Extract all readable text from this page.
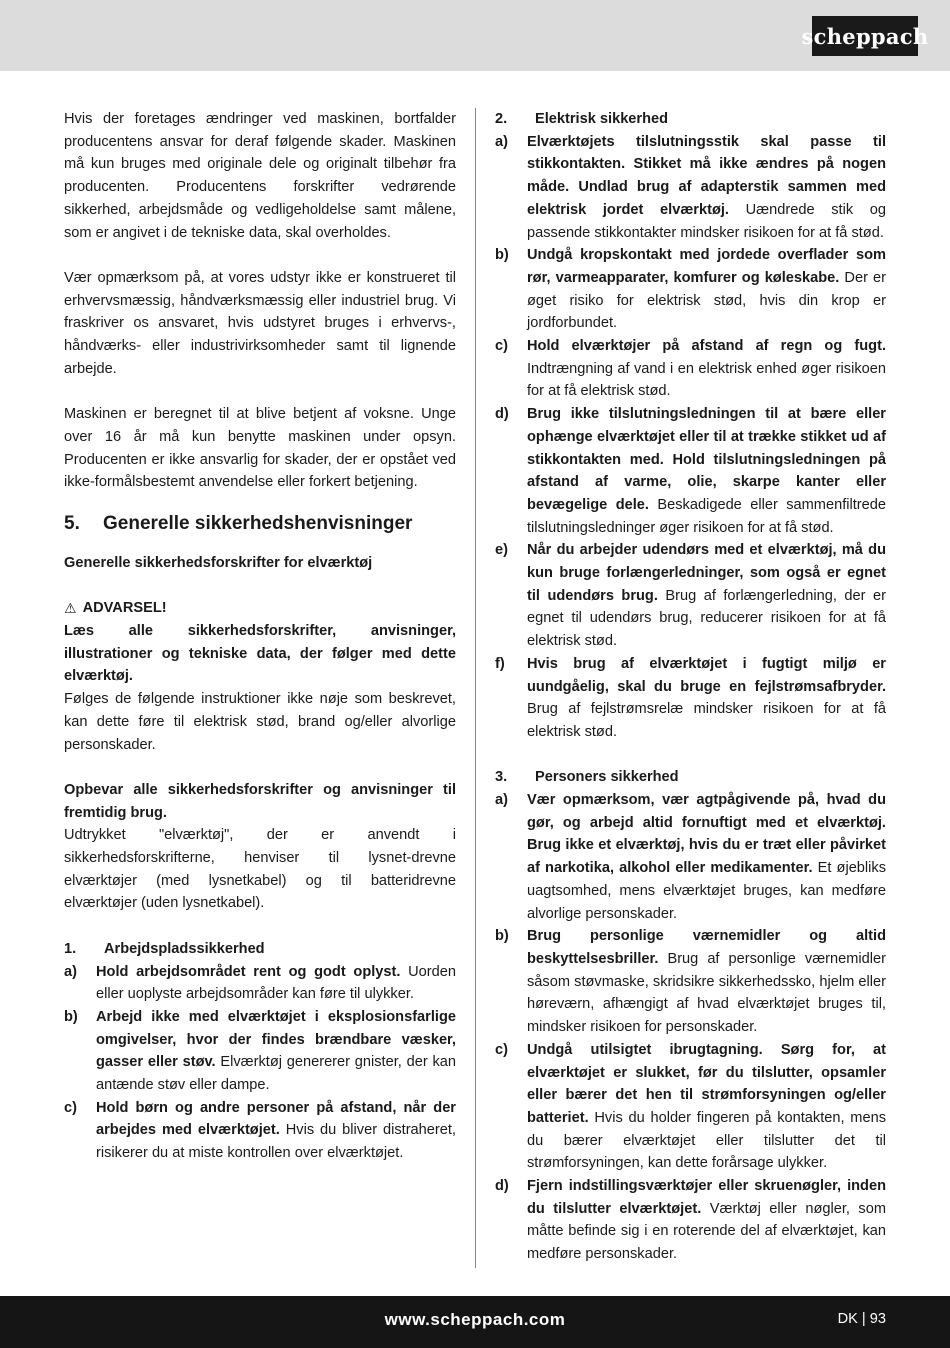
scheppach

Hvis der foretages ændringer ved maskinen, bortfalder producentens ansvar for deraf følgende skader. Maskinen må kun bruges med originale dele og originalt tilbehør fra producenten. Producentens forskrifter vedrørende sikkerhed, arbejdsmåde og vedligeholdelse samt målene, som er angivet i de tekniske data, skal overholdes.

Vær opmærksom på, at vores udstyr ikke er konstrueret til erhvervsmæssig, håndværksmæssig eller industriel brug. Vi fraskriver os ansvaret, hvis udstyret bruges i erhvervs-, håndværks- eller industrivirksomheder samt til lignende arbejde.

Maskinen er beregnet til at blive betjent af voksne. Unge over 16 år må kun benytte maskinen under opsyn. Producenten er ikke ansvarlig for skader, der er opstået ved ikke-formålsbestemt anvendelse eller forkert betjening.

5.	Generelle sikkerhedshenvisninger

Generelle sikkerhedsforskrifter for elværktøj

⚠ ADVARSEL!

Læs alle sikkerhedsforskrifter, anvisninger, illustrationer og tekniske data, der følger med dette elværktøj.

Følges de følgende instruktioner ikke nøje som beskrevet, kan dette føre til elektrisk stød, brand og/eller alvorlige personskader.

Opbevar alle sikkerhedsforskrifter og anvisninger til fremtidig brug.

Udtrykket "elværktøj", der er anvendt i sikkerhedsforskrifterne, henviser til lysnet-drevne elværktøjer (med lysnetkabel) og til batteridrevne elværktøjer (uden lysnetkabel).

1.	Arbejdspladssikkerhed
a)	Hold arbejdsområdet rent og godt oplyst. Uorden eller uoplyste arbejdsområder kan føre til ulykker.
b)	Arbejd ikke med elværktøjet i eksplosionsfarlige omgivelser, hvor der findes brændbare væsker, gasser eller støv. Elværktøj genererer gnister, der kan antænde støv eller dampe.
c)	Hold børn og andre personer på afstand, når der arbejdes med elværktøjet. Hvis du bliver distraheret, risikerer du at miste kontrollen over elværktøjet.
2.	Elektrisk sikkerhed
a)	Elværktøjets tilslutningsstik skal passe til stikkontakten. Stikket må ikke ændres på nogen måde. Undlad brug af adapterstik sammen med elektrisk jordet elværktøj. Uændrede stik og passende stikkontakter mindsker risikoen for at få stød.
b)	Undgå kropskontakt med jordede overflader som rør, varmeapparater, komfurer og køleskabe. Der er øget risiko for elektrisk stød, hvis din krop er jordforbundet.
c)	Hold elværktøjer på afstand af regn og fugt. Indtrængning af vand i en elektrisk enhed øger risikoen for at få elektrisk stød.
d)	Brug ikke tilslutningsledningen til at bære eller ophænge elværktøjet eller til at trække stikket ud af stikkontakten med. Hold tilslutningsledningen på afstand af varme, olie, skarpe kanter eller bevægelige dele. Beskadigede eller sammenfiltrede tilslutningsledninger øger risikoen for at få stød.
e)	Når du arbejder udendørs med et elværktøj, må du kun bruge forlængerledninger, som også er egnet til udendørs brug. Brug af forlængerledning, der er egnet til udendørs brug, reducerer risikoen for at få elektrisk stød.
f)	Hvis brug af elværktøjet i fugtigt miljø er uundgåelig, skal du bruge en fejlstrømsafbryder. Brug af fejlstrømsrelæ mindsker risikoen for at få elektrisk stød.
3.	Personers sikkerhed
a)	Vær opmærksom, vær agtpågivende på, hvad du gør, og arbejd altid fornuftigt med et elværktøj. Brug ikke et elværktøj, hvis du er træt eller påvirket af narkotika, alkohol eller medikamenter. Et øjebliks uagtsomhed, mens elværktøjet bruges, kan medføre alvorlige personskader.
b)	Brug personlige værnemidler og altid beskyttelsesbriller. Brug af personlige værnemidler såsom støvmaske, skridsikre sikkerhedssko, hjelm eller høreværn, afhængigt af hvad elværktøjet bruges til, mindsker risikoen for personskader.
c)	Undgå utilsigtet ibrugtagning. Sørg for, at elværktøjet er slukket, før du tilslutter, opsamler eller bærer det hen til strømforsyningen og/eller batteriet. Hvis du holder fingeren på kontakten, mens du bærer elværktøjet eller tilslutter det til strømforsyningen, kan dette forårsage ulykker.
d)	Fjern indstillingsværktøjer eller skruenøgler, inden du tilslutter elværktøjet. Værktøj eller nøgler, som måtte befinde sig i en roterende del af elværktøjet, kan medføre personskader.
www.scheppach.com	DK | 93
